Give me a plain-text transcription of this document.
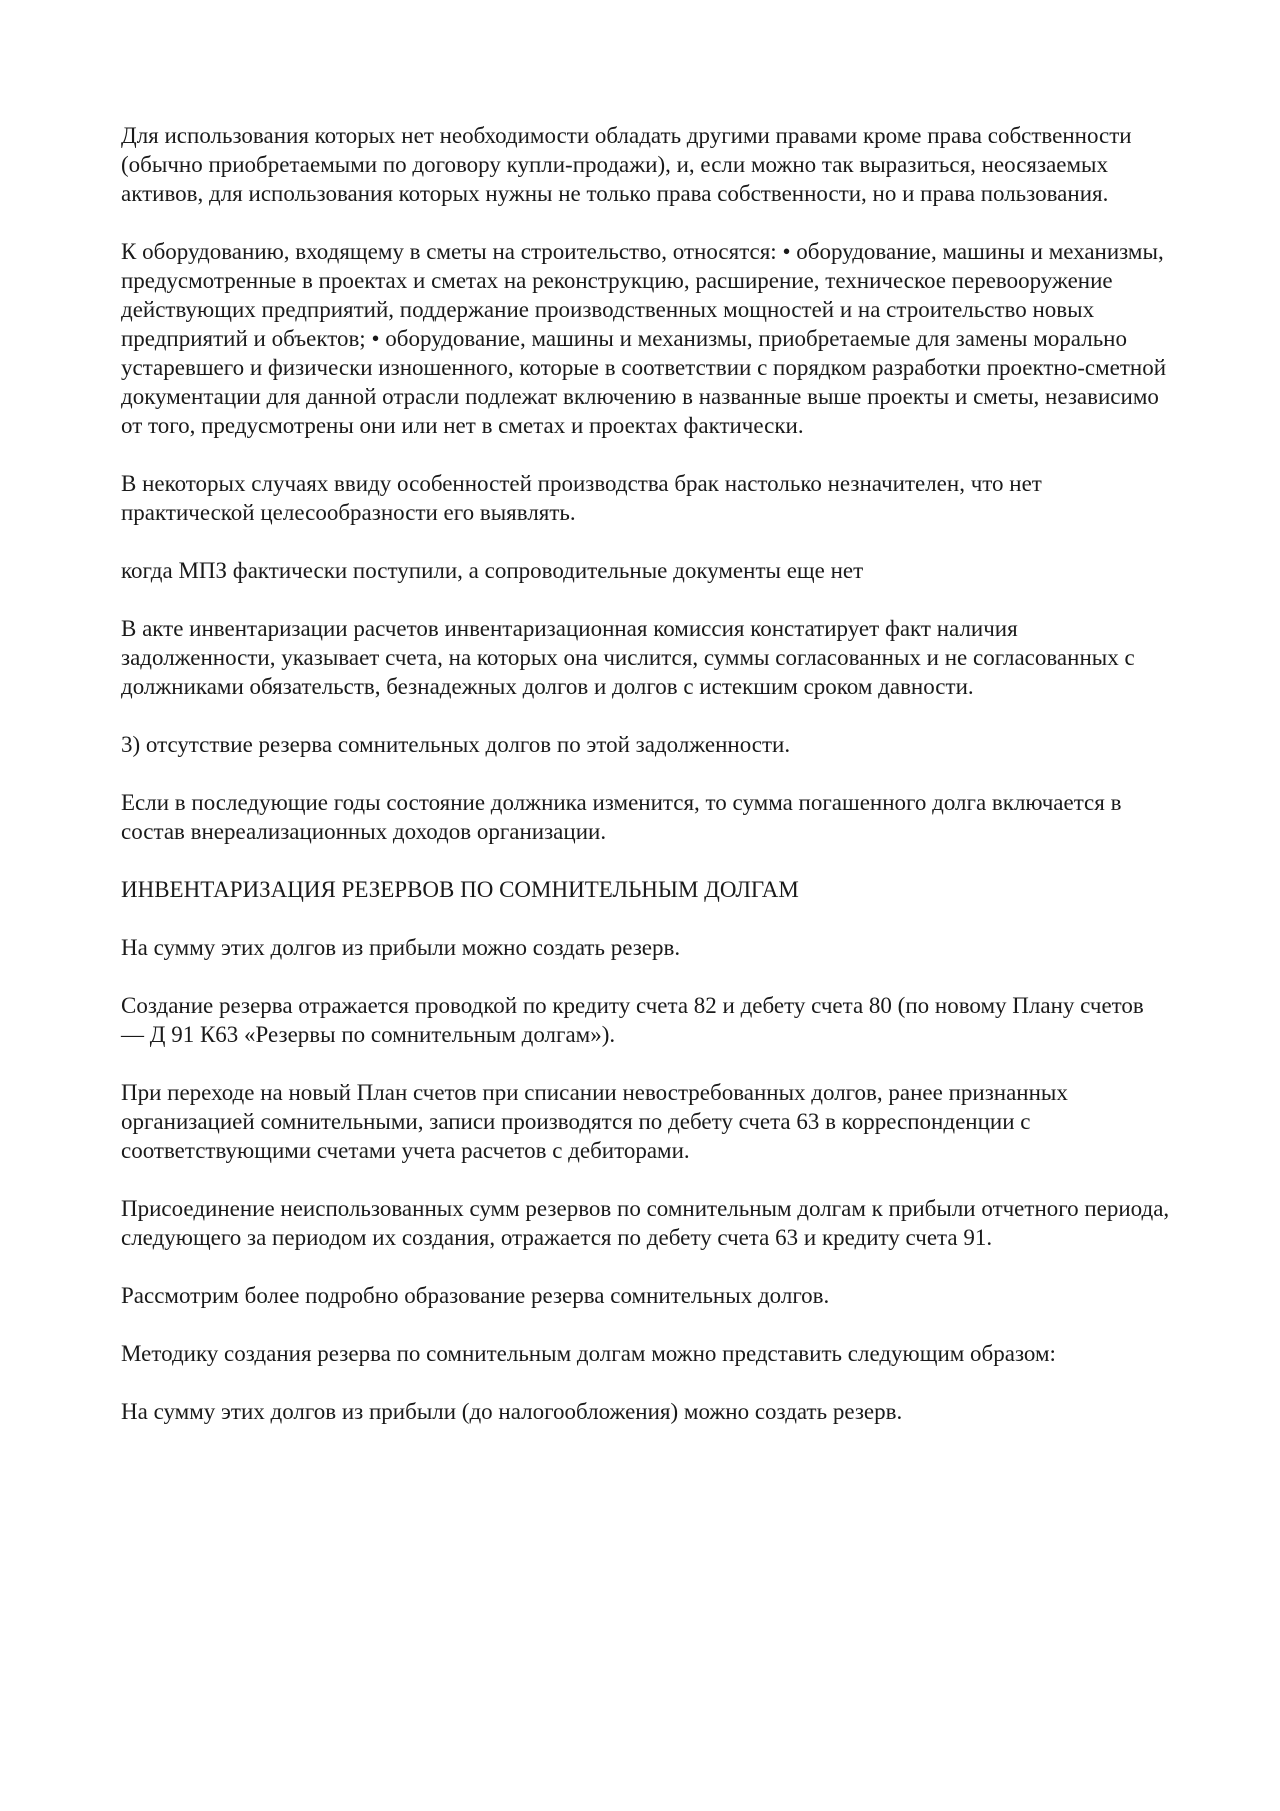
Для использования которых нет необходимости обладать другими правами кроме права собственности (обычно приобретаемыми по договору купли-продажи), и, если можно так выразиться, неосязаемых активов, для использования которых нужны не только права собственности, но и права пользования.

К оборудованию, входящему в сметы на строительство, относятся: • оборудование, машины и механизмы, предусмотренные в проектах и сметах на реконструкцию, расширение, техническое перевооружение действующих предприятий, поддержание производственных мощностей и на строительство новых предприятий и объектов; • оборудование, машины и механизмы, приобретаемые для замены морально устаревшего и физически изношенного, которые в соответствии с порядком разработки проектно-сметной документации для данной отрасли подлежат включению в названные выше проекты и сметы, независимо от того, предусмотрены они или нет в сметах и проектах фактически.

В некоторых случаях ввиду особенностей производства брак настолько незначителен, что нет практической целесообразности его выявлять.

когда МПЗ фактически поступили, а сопроводительные документы еще нет

В акте инвентаризации расчетов инвентаризационная комиссия констатирует факт наличия задолженности, указывает счета, на которых она числится, суммы согласованных и не согласованных с должниками обязательств, безнадежных долгов и долгов с истекшим сроком давности.

3) отсутствие резерва сомнительных долгов по этой задолженности.

Если в последующие годы состояние должника изменится, то сумма погашенного долга включается в состав внереализационных доходов организации.

ИНВЕНТАРИЗАЦИЯ РЕЗЕРВОВ ПО СОМНИТЕЛЬНЫМ ДОЛГАМ

На сумму этих долгов из прибыли можно создать резерв.

Создание резерва отражается проводкой по кредиту счета 82 и дебету счета 80 (по новому Плану счетов — Д 91 К63 «Резервы по сомнительным долгам»).

При переходе на новый План счетов при списании невостребованных долгов, ранее признанных организацией сомнительными, записи производятся по дебету счета 63 в корреспонденции с соответствующими счетами учета расчетов с дебиторами.

Присоединение неиспользованных сумм резервов по сомнительным долгам к прибыли отчетного периода, следующего за периодом их создания, отражается по дебету счета 63 и кредиту счета 91.

Рассмотрим более подробно образование резерва сомнительных долгов.

Методику создания резерва по сомнительным долгам можно представить следующим образом:

На сумму этих долгов из прибыли (до налогообложения) можно создать резерв.
